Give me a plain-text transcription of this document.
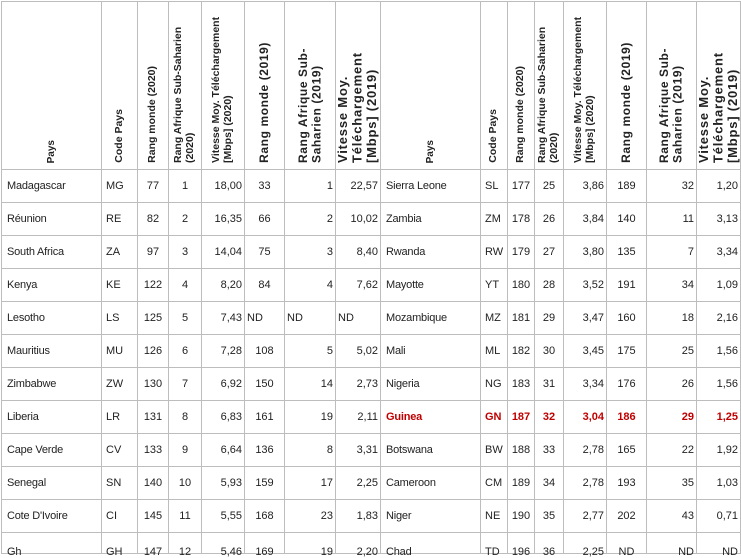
Pays	Code Pays	Rang monde (2020)	Rang Afrique Sub-Saharien (2020)	Vitesse Moy. Téléchargement [Mbps] (2020)	Rang monde (2019)	Rang Afrique Sub-Saharien (2019)	Vitesse Moy. Téléchargement [Mbps] (2019)	Pays	Code Pays	Rang monde (2020)	Rang Afrique Sub-Saharien (2020)	Vitesse Moy. Téléchargement [Mbps] (2020)	Rang monde (2019)	Rang Afrique Sub-Saharien (2019)	Vitesse Moy. Téléchargement [Mbps] (2019)

Madagascar	MG	77	1	18,00	33	1	22,57	Sierra Leone	SL	177	25	3,86	189	32	1,20
Réunion	RE	82	2	16,35	66	2	10,02	Zambia	ZM	178	26	3,84	140	11	3,13
South Africa	ZA	97	3	14,04	75	3	8,40	Rwanda	RW	179	27	3,80	135	7	3,34
Kenya	KE	122	4	8,20	84	4	7,62	Mayotte	YT	180	28	3,52	191	34	1,09
Lesotho	LS	125	5	7,43	ND	ND	ND	Mozambique	MZ	181	29	3,47	160	18	2,16
Mauritius	MU	126	6	7,28	108	5	5,02	Mali	ML	182	30	3,45	175	25	1,56
Zimbabwe	ZW	130	7	6,92	150	14	2,73	Nigeria	NG	183	31	3,34	176	26	1,56
Liberia	LR	131	8	6,83	161	19	2,11	Guinea	GN	187	32	3,04	186	29	1,25
Cape Verde	CV	133	9	6,64	136	8	3,31	Botswana	BW	188	33	2,78	165	22	1,92
Senegal	SN	140	10	5,93	159	17	2,25	Cameroon	CM	189	34	2,78	193	35	1,03
Cote D'Ivoire	CI	145	11	5,55	168	23	1,83	Niger	NE	190	35	2,77	202	43	0,71

Gh	GH	147	12	5,46	169	19	2,20	Chad	TD	196	36	2,25	ND	ND	ND
